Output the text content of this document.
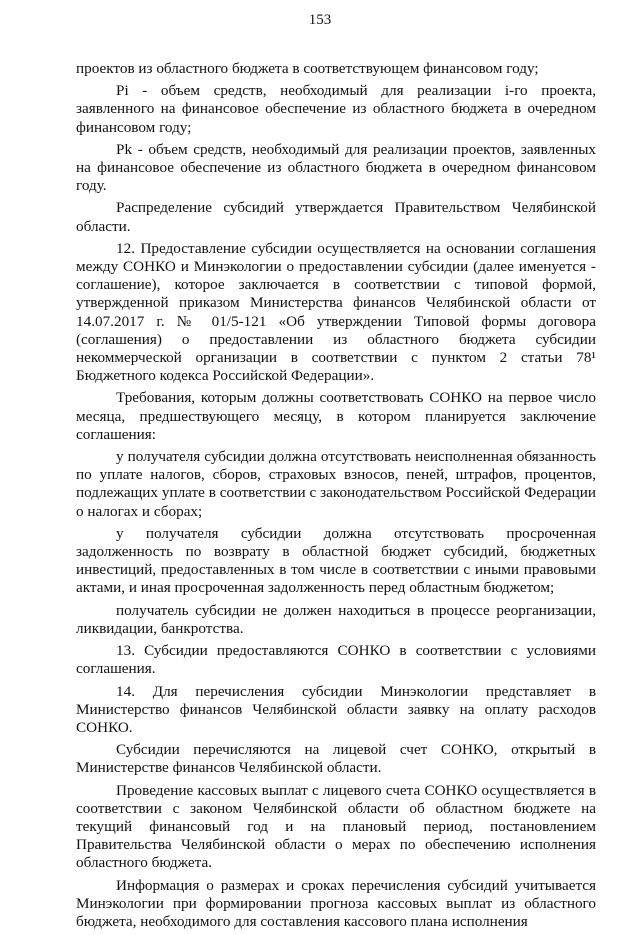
153

проектов из областного бюджета в соответствующем финансовом году;

Pi - объем средств, необходимый для реализации i-го проекта, заявленного на финансовое обеспечение из областного бюджета в очередном финансовом году;

Pk - объем средств, необходимый для реализации проектов, заявленных на финансовое обеспечение из областного бюджета в очередном финансовом году.

Распределение субсидий утверждается Правительством Челябинской области.

12. Предоставление субсидии осуществляется на основании соглашения между СОНКО и Минэкологии о предоставлении субсидии (далее именуется - соглашение), которое заключается в соответствии с типовой формой, утвержденной приказом Министерства финансов Челябинской области от 14.07.2017 г. № 01/5-121 «Об утверждении Типовой формы договора (соглашения) о предоставлении из областного бюджета субсидии некоммерческой организации в соответствии с пунктом 2 статьи 78¹ Бюджетного кодекса Российской Федерации».

Требования, которым должны соответствовать СОНКО на первое число месяца, предшествующего месяцу, в котором планируется заключение соглашения:

у получателя субсидии должна отсутствовать неисполненная обязанность по уплате налогов, сборов, страховых взносов, пеней, штрафов, процентов, подлежащих уплате в соответствии с законодательством Российской Федерации о налогах и сборах;

у получателя субсидии должна отсутствовать просроченная задолженность по возврату в областной бюджет субсидий, бюджетных инвестиций, предоставленных в том числе в соответствии с иными правовыми актами, и иная просроченная задолженность перед областным бюджетом;

получатель субсидии не должен находиться в процессе реорганизации, ликвидации, банкротства.

13. Субсидии предоставляются СОНКО в соответствии с условиями соглашения.

14. Для перечисления субсидии Минэкологии представляет в Министерство финансов Челябинской области заявку на оплату расходов СОНКО.

Субсидии перечисляются на лицевой счет СОНКО, открытый в Министерстве финансов Челябинской области.

Проведение кассовых выплат с лицевого счета СОНКО осуществляется в соответствии с законом Челябинской области об областном бюджете на текущий финансовый год и на плановый период, постановлением Правительства Челябинской области о мерах по обеспечению исполнения областного бюджета.

Информация о размерах и сроках перечисления субсидий учитывается Минэкологии при формировании прогноза кассовых выплат из областного бюджета, необходимого для составления кассового плана исполнения
